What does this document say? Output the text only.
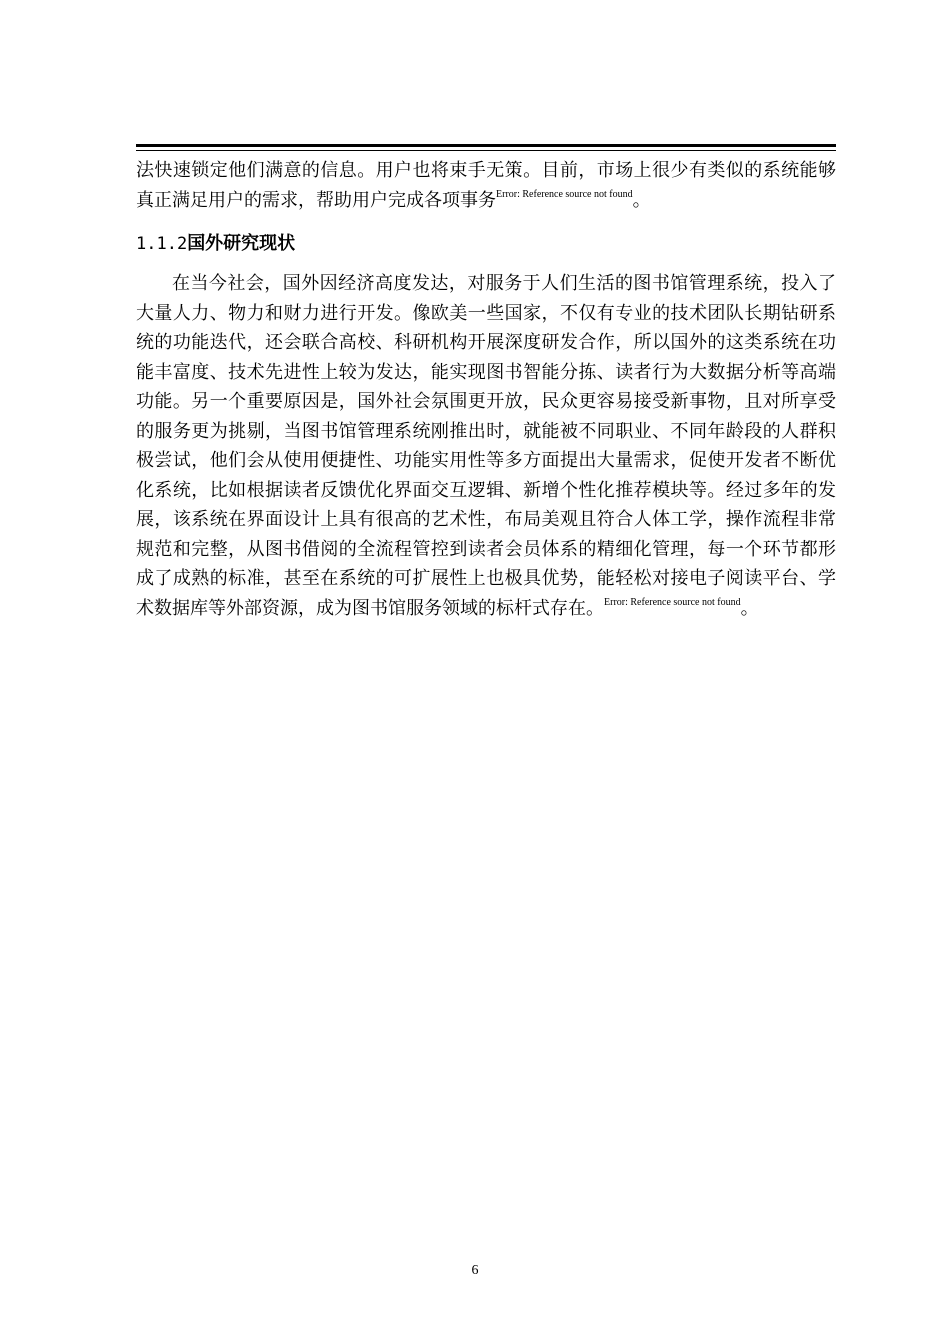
法快速锁定他们满意的信息。用户也将束手无策。目前，市场上很少有类似的系统能够真正满足用户的需求，帮助用户完成各项事务$^{Error: Reference source not found}$。

1.1.2国外研究现状

在当今社会，国外因经济高度发达，对服务于人们生活的图书馆管理系统，投入了大量人力、物力和财力进行开发。像欧美一些国家，不仅有专业的技术团队长期钻研系统的功能迭代，还会联合高校、科研机构开展深度研发合作，所以国外的这类系统在功能丰富度、技术先进性上较为发达，能实现图书智能分拣、读者行为大数据分析等高端功能。另一个重要原因是，国外社会氛围更开放，民众更容易接受新事物，且对所享受的服务更为挑剔，当图书馆管理系统刚推出时，就能被不同职业、不同年龄段的人群积极尝试，他们会从使用便捷性、功能实用性等多方面提出大量需求，促使开发者不断优化系统，比如根据读者反馈优化界面交互逻辑、新增个性化推荐模块等。经过多年的发展，该系统在界面设计上具有很高的艺术性，布局美观且符合人体工学，操作流程非常规范和完整，从图书借阅的全流程管控到读者会员体系的精细化管理，每一个环节都形成了成熟的标准，甚至在系统的可扩展性上也极具优势，能轻松对接电子阅读平台、学术数据库等外部资源，成为图书馆服务领域的标杆式存在。$^{Error: Reference source not found}$。

6
